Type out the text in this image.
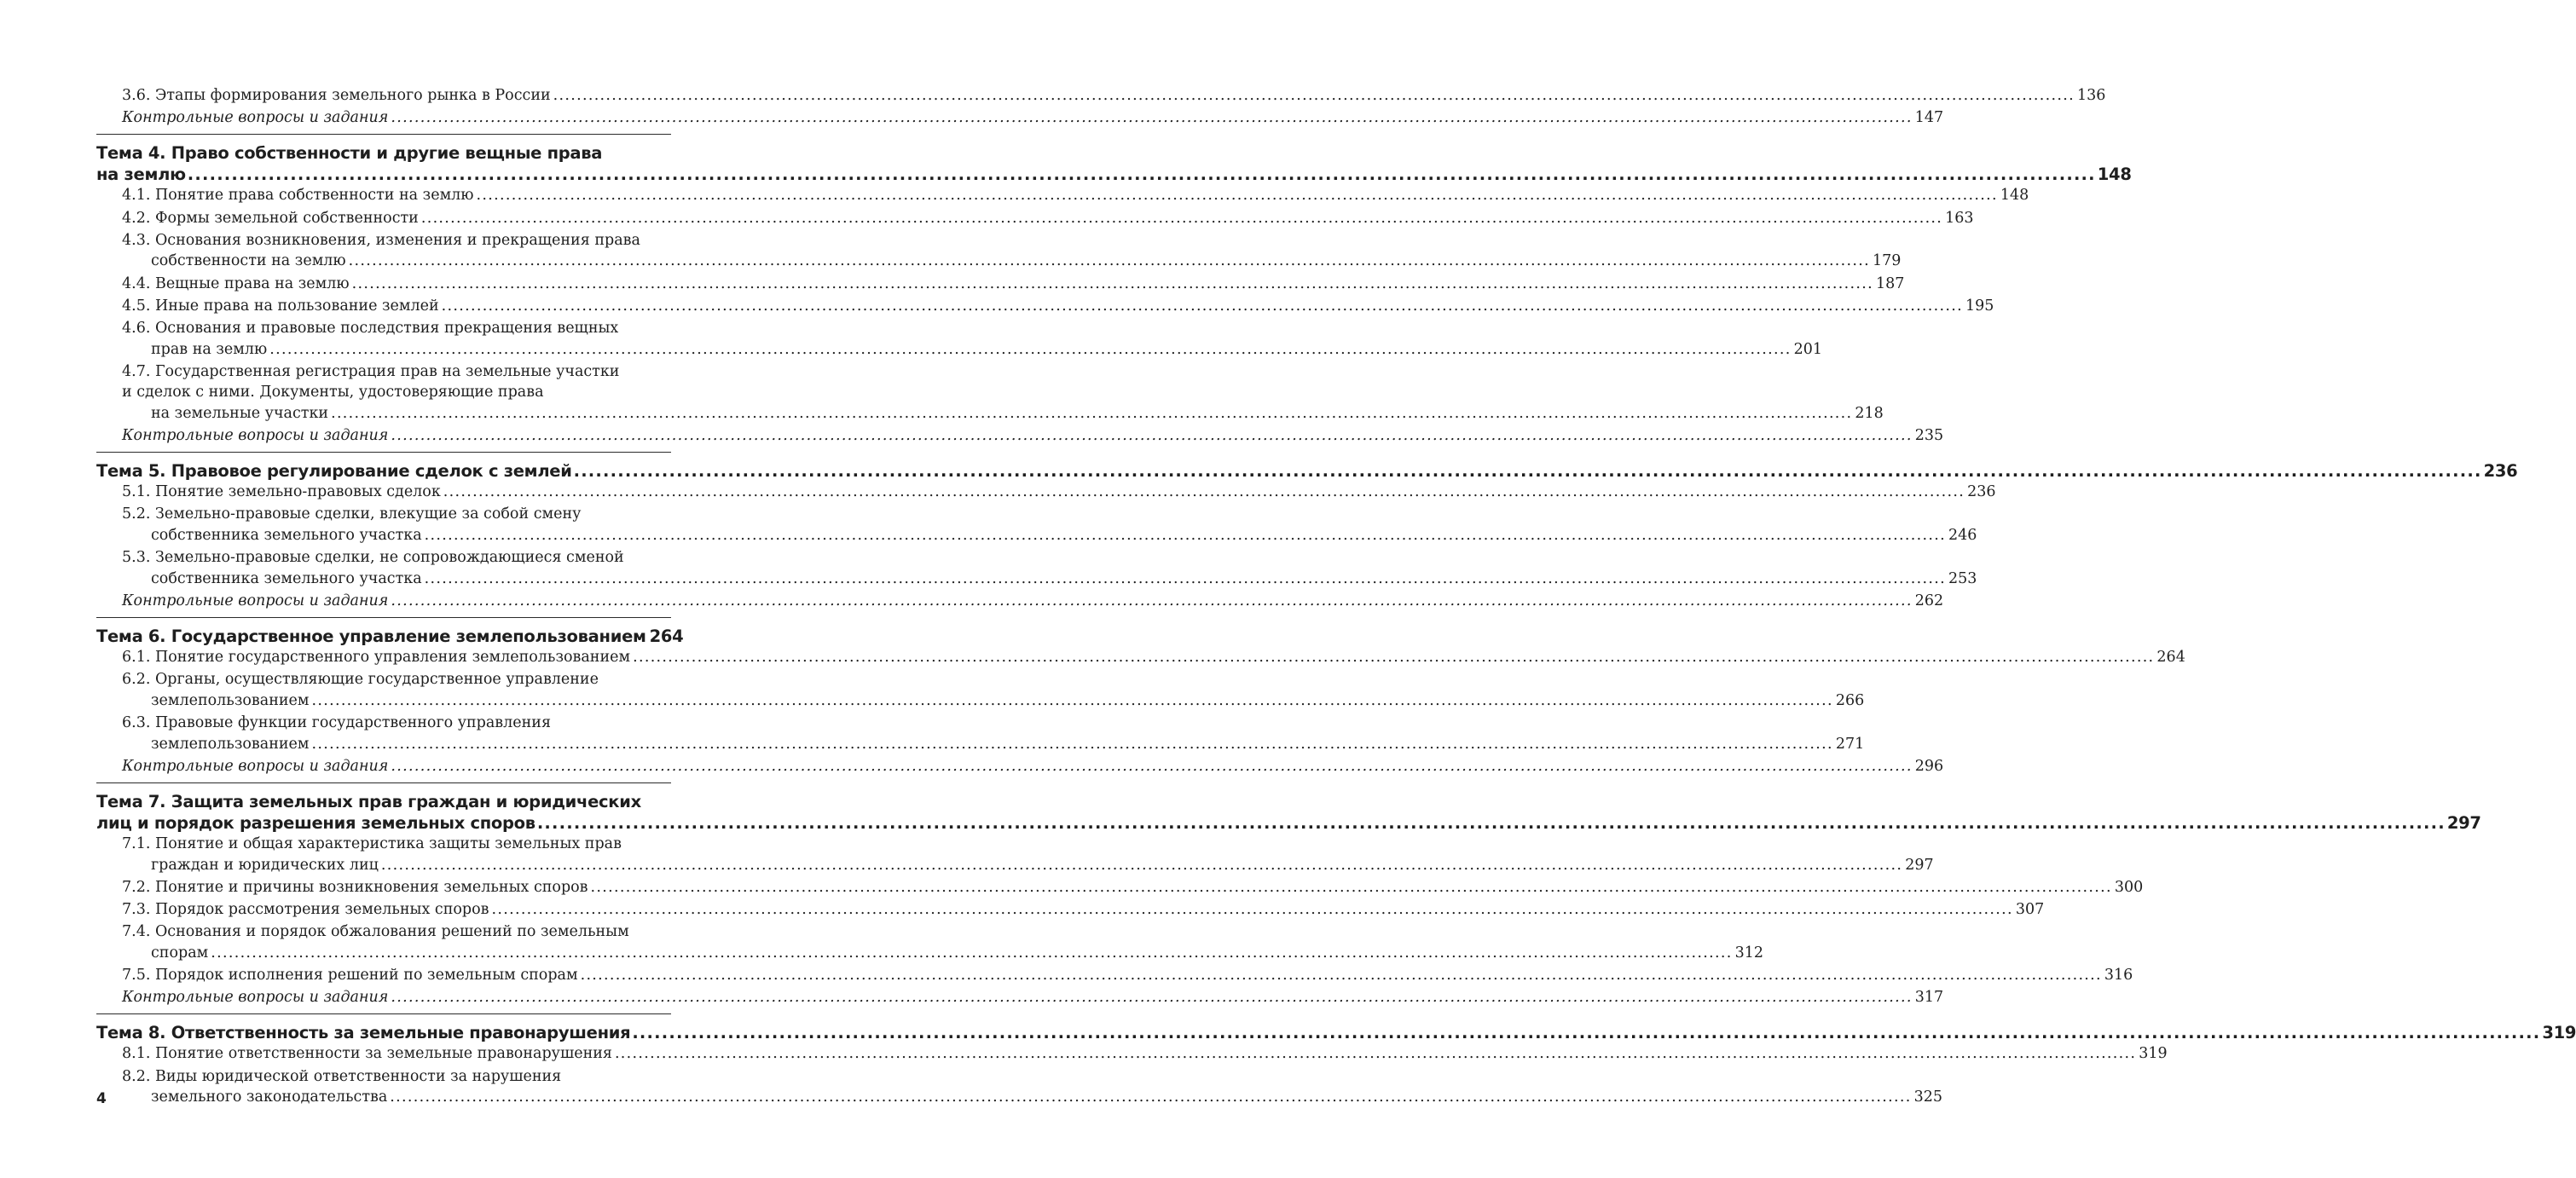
3.6. Этапы формирования земельного рынка в России .................................................................................................................................................................................................................................................................... 136
Контрольные вопросы и задания .................................................................................................................................................................................................................................................................... 147
Тема 4. Право собственности и другие вещные права
на землю .................................................................................................................................................................................................................................................................... 148
4.1. Понятие права собственности на землю .................................................................................................................................................................................................................................................................... 148
4.2. Формы земельной собственности .................................................................................................................................................................................................................................................................... 163
4.3. Основания возникновения, изменения и прекращения права
собственности на землю .................................................................................................................................................................................................................................................................... 179
4.4. Вещные права на землю .................................................................................................................................................................................................................................................................... 187
4.5. Иные права на пользование землей .................................................................................................................................................................................................................................................................... 195
4.6. Основания и правовые последствия прекращения вещных
прав на землю .................................................................................................................................................................................................................................................................... 201
4.7. Государственная регистрация прав на земельные участки
и сделок с ними. Документы, удостоверяющие права
на земельные участки .................................................................................................................................................................................................................................................................... 218
Контрольные вопросы и задания .................................................................................................................................................................................................................................................................... 235
Тема 5. Правовое регулирование сделок с землей .................................................................................................................................................................................................................................................................... 236
5.1. Понятие земельно-правовых сделок .................................................................................................................................................................................................................................................................... 236
5.2. Земельно-правовые сделки, влекущие за собой смену
собственника земельного участка .................................................................................................................................................................................................................................................................... 246
5.3. Земельно-правовые сделки, не сопровождающиеся сменой
собственника земельного участка .................................................................................................................................................................................................................................................................... 253
Контрольные вопросы и задания .................................................................................................................................................................................................................................................................... 262
Тема 6. Государственное управление землепользованием 264
6.1. Понятие государственного управления землепользованием .................................................................................................................................................................................................................................................................... 264
6.2. Органы, осуществляющие государственное управление
землепользованием .................................................................................................................................................................................................................................................................... 266
6.3. Правовые функции государственного управления
землепользованием .................................................................................................................................................................................................................................................................... 271
Контрольные вопросы и задания .................................................................................................................................................................................................................................................................... 296
Тема 7. Защита земельных прав граждан и юридических
лиц и порядок разрешения земельных споров .................................................................................................................................................................................................................................................................... 297
7.1. Понятие и общая характеристика защиты земельных прав
граждан и юридических лиц .................................................................................................................................................................................................................................................................... 297
7.2. Понятие и причины возникновения земельных споров .................................................................................................................................................................................................................................................................... 300
7.3. Порядок рассмотрения земельных споров .................................................................................................................................................................................................................................................................... 307
7.4. Основания и порядок обжалования решений по земельным
спорам .................................................................................................................................................................................................................................................................... 312
7.5. Порядок исполнения решений по земельным спорам .................................................................................................................................................................................................................................................................... 316
Контрольные вопросы и задания .................................................................................................................................................................................................................................................................... 317
Тема 8. Ответственность за земельные правонарушения .................................................................................................................................................................................................................................................................... 319
8.1. Понятие ответственности за земельные правонарушения .................................................................................................................................................................................................................................................................... 319
8.2. Виды юридической ответственности за нарушения
земельного законодательства .................................................................................................................................................................................................................................................................... 325
4
